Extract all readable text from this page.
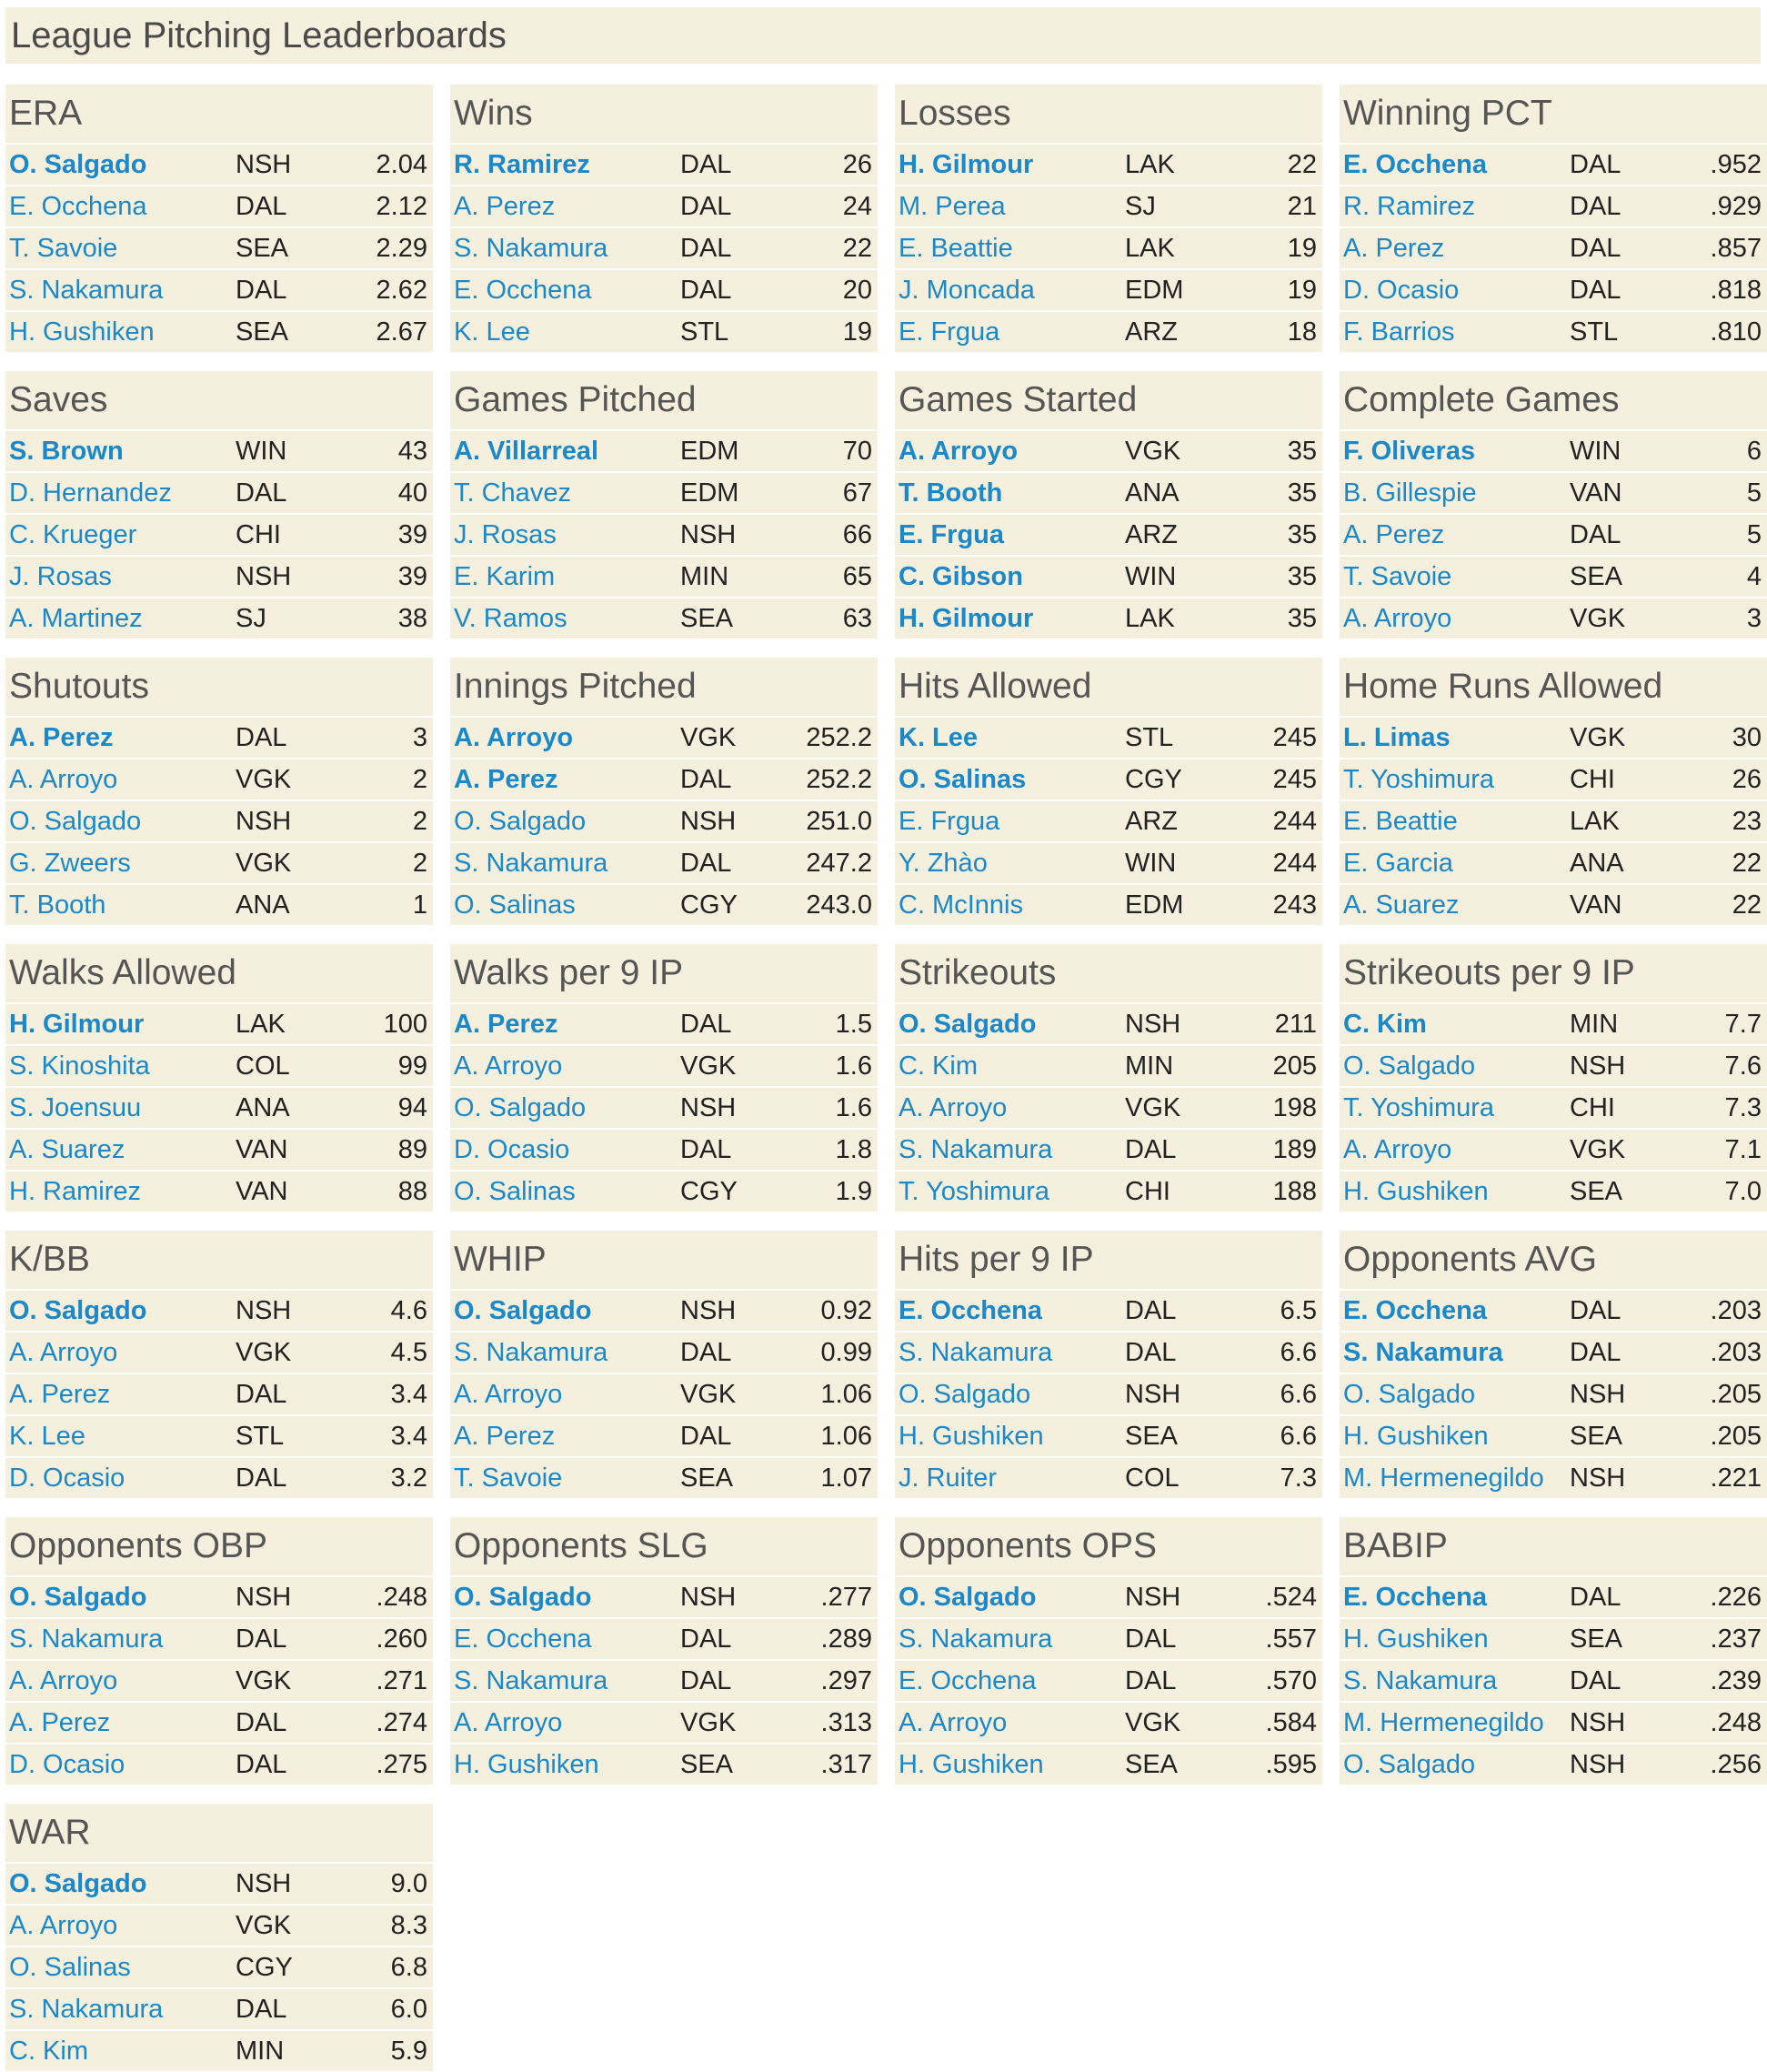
League Pitching Leaderboards
ERA
O. Salgado	NSH	2.04
E. Occhena	DAL	2.12
T. Savoie	SEA	2.29
S. Nakamura	DAL	2.62
H. Gushiken	SEA	2.67
Wins
R. Ramirez	DAL	26
A. Perez	DAL	24
S. Nakamura	DAL	22
E. Occhena	DAL	20
K. Lee	STL	19
Losses
H. Gilmour	LAK	22
M. Perea	SJ	21
E. Beattie	LAK	19
J. Moncada	EDM	19
E. Frgua	ARZ	18
Winning PCT
E. Occhena	DAL	.952
R. Ramirez	DAL	.929
A. Perez	DAL	.857
D. Ocasio	DAL	.818
F. Barrios	STL	.810
Saves
S. Brown	WIN	43
D. Hernandez	DAL	40
C. Krueger	CHI	39
J. Rosas	NSH	39
A. Martinez	SJ	38
Games Pitched
A. Villarreal	EDM	70
T. Chavez	EDM	67
J. Rosas	NSH	66
E. Karim	MIN	65
V. Ramos	SEA	63
Games Started
A. Arroyo	VGK	35
T. Booth	ANA	35
E. Frgua	ARZ	35
C. Gibson	WIN	35
H. Gilmour	LAK	35
Complete Games
F. Oliveras	WIN	6
B. Gillespie	VAN	5
A. Perez	DAL	5
T. Savoie	SEA	4
A. Arroyo	VGK	3
Shutouts
A. Perez	DAL	3
A. Arroyo	VGK	2
O. Salgado	NSH	2
G. Zweers	VGK	2
T. Booth	ANA	1
Innings Pitched
A. Arroyo	VGK	252.2
A. Perez	DAL	252.2
O. Salgado	NSH	251.0
S. Nakamura	DAL	247.2
O. Salinas	CGY	243.0
Hits Allowed
K. Lee	STL	245
O. Salinas	CGY	245
E. Frgua	ARZ	244
Y. Zhào	WIN	244
C. McInnis	EDM	243
Home Runs Allowed
L. Limas	VGK	30
T. Yoshimura	CHI	26
E. Beattie	LAK	23
E. Garcia	ANA	22
A. Suarez	VAN	22
Walks Allowed
H. Gilmour	LAK	100
S. Kinoshita	COL	99
S. Joensuu	ANA	94
A. Suarez	VAN	89
H. Ramirez	VAN	88
Walks per 9 IP
A. Perez	DAL	1.5
A. Arroyo	VGK	1.6
O. Salgado	NSH	1.6
D. Ocasio	DAL	1.8
O. Salinas	CGY	1.9
Strikeouts
O. Salgado	NSH	211
C. Kim	MIN	205
A. Arroyo	VGK	198
S. Nakamura	DAL	189
T. Yoshimura	CHI	188
Strikeouts per 9 IP
C. Kim	MIN	7.7
O. Salgado	NSH	7.6
T. Yoshimura	CHI	7.3
A. Arroyo	VGK	7.1
H. Gushiken	SEA	7.0
K/BB
O. Salgado	NSH	4.6
A. Arroyo	VGK	4.5
A. Perez	DAL	3.4
K. Lee	STL	3.4
D. Ocasio	DAL	3.2
WHIP
O. Salgado	NSH	0.92
S. Nakamura	DAL	0.99
A. Arroyo	VGK	1.06
A. Perez	DAL	1.06
T. Savoie	SEA	1.07
Hits per 9 IP
E. Occhena	DAL	6.5
S. Nakamura	DAL	6.6
O. Salgado	NSH	6.6
H. Gushiken	SEA	6.6
J. Ruiter	COL	7.3
Opponents AVG
E. Occhena	DAL	.203
S. Nakamura	DAL	.203
O. Salgado	NSH	.205
H. Gushiken	SEA	.205
M. Hermenegildo NSH	.221
Opponents OBP
O. Salgado	NSH	.248
S. Nakamura	DAL	.260
A. Arroyo	VGK	.271
A. Perez	DAL	.274
D. Ocasio	DAL	.275
Opponents SLG
O. Salgado	NSH	.277
E. Occhena	DAL	.289
S. Nakamura	DAL	.297
A. Arroyo	VGK	.313
H. Gushiken	SEA	.317
Opponents OPS
O. Salgado	NSH	.524
S. Nakamura	DAL	.557
E. Occhena	DAL	.570
A. Arroyo	VGK	.584
H. Gushiken	SEA	.595
BABIP
E. Occhena	DAL	.226
H. Gushiken	SEA	.237
S. Nakamura	DAL	.239
M. Hermenegildo NSH	.248
O. Salgado	NSH	.256
WAR
O. Salgado	NSH	9.0
A. Arroyo	VGK	8.3
O. Salinas	CGY	6.8
S. Nakamura	DAL	6.0
C. Kim	MIN	5.9
